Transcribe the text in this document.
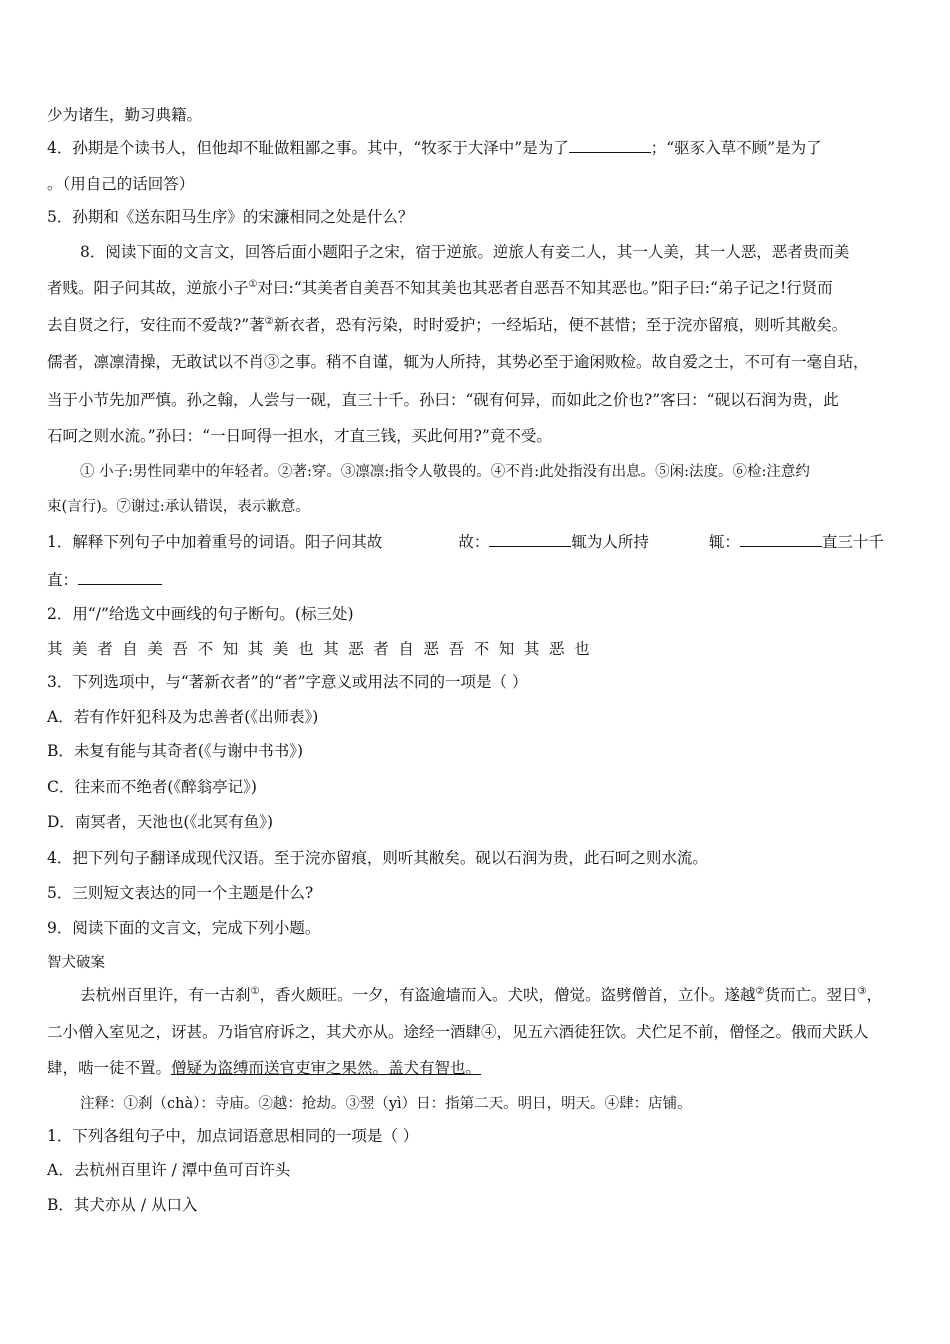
少为诸生，勤习典籍。
4．孙期是个读书人，但他却不耻做粗鄙之事。其中，“牧豕于大泽中”是为了	；“驱豕入草不顾”是为了
。（用自己的话回答）
5．孙期和《送东阳马生序》的宋濂相同之处是什么？
8．阅读下面的文言文，回答后面小题阳子之宋，宿于逆旅。逆旅人有妾二人，其一人美，其一人恶，恶者贵而美
者贱。阳子问其故，逆旅小子①对曰:“其美者自美吾不知其美也其恶者自恶吾不知其恶也。”阳子曰:“弟子记之!行贤而
去自贤之行，安往而不爱哉?”著②新衣者，恐有污染，时时爱护；一经垢玷，便不甚惜；至于浣亦留痕，则听其敝矣。
儒者，凛凛清操，无敢试以不肖③之事。稍不自谨，辄为人所持，其势必至于逾闲败检。故自爱之士，不可有一毫自玷，
当于小节先加严慎。孙之翰，人尝与一砚，直三十千。孙曰：“砚有何异，而如此之价也?”客曰：“砚以石润为贵，此
石呵之则水流。”孙曰：“一日呵得一担水，才直三钱，买此何用?”竟不受。
① 小子:男性同辈中的年轻者。②著:穿。③凛凛:指令人敬畏的。④不肖:此处指没有出息。⑤闲:法度。⑥检:注意约
束(言行)。⑦谢过:承认错误，表示歉意。
1．解释下列句子中加着重号的词语。阳子问其故	故：	辄为人所持	辄：	直三十千
直：
2．用“/”给选文中画线的句子断句。(标三处)
其美者自美吾不知其美也其恶者自恶吾不知其恶也
3．下列选项中，与“著新衣者”的“者”字意义或用法不同的一项是（ ）
A．若有作奸犯科及为忠善者(《出师表》)
B．未复有能与其奇者(《与谢中书书》)
C．往来而不绝者(《醉翁亭记》)
D．南冥者，天池也(《北冥有鱼》)
4．把下列句子翻译成现代汉语。至于浣亦留痕，则听其敝矣。砚以石润为贵，此石呵之则水流。
5．三则短文表达的同一个主题是什么?
9．阅读下面的文言文，完成下列小题。
智犬破案
去杭州百里许，有一古刹①，香火颇旺。一夕，有盗逾墙而入。犬吠，僧觉。盗劈僧首，立仆。遂越②货而亡。翌日③，
二小僧入室见之，讶甚。乃诣官府诉之，其犬亦从。途经一酒肆④，见五六酒徒狂饮。犬伫足不前，僧怪之。俄而犬跃人
肆，啮一徒不置。僧疑为盗缚而送官吏审之果然。盖犬有智也。
注释：①刹（chà）：寺庙。②越：抢劫。③翌（yì）日：指第二天。明日，明天。④肆：店铺。
1．下列各组句子中，加点词语意思相同的一项是（ ）
A．去杭州百里许 / 潭中鱼可百许头
B．其犬亦从 / 从口入
